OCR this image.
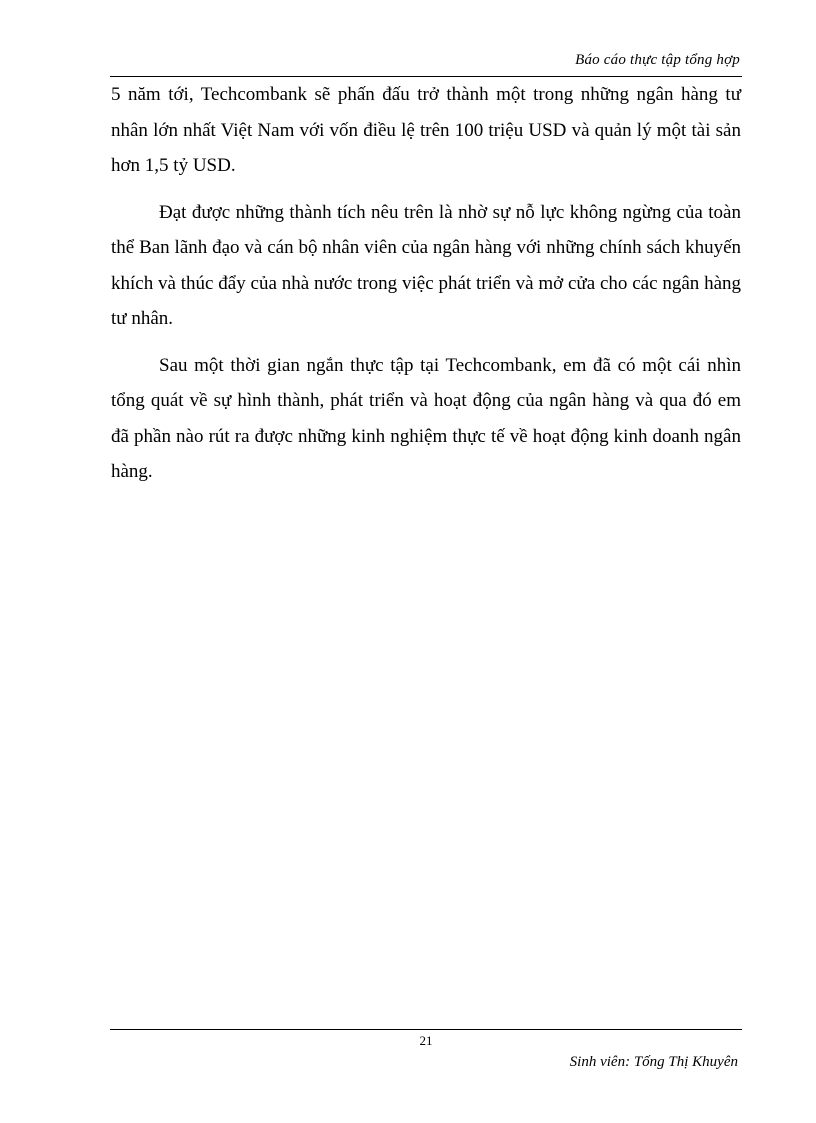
Báo cáo thực tập tổng hợp

5 năm tới, Techcombank sẽ phấn đấu trở thành một trong những ngân hàng tư nhân lớn nhất Việt Nam với vốn điều lệ trên 100 triệu USD và quản lý một tài sản hơn 1,5 tỷ USD.

Đạt được những thành tích nêu trên là nhờ sự nỗ lực không ngừng của toàn thể Ban lãnh đạo và cán bộ nhân viên của ngân hàng với những chính sách khuyến khích và thúc đẩy của nhà nước trong việc phát triển và mở cửa cho các ngân hàng tư nhân.

Sau một thời gian ngắn thực tập tại Techcombank, em đã có một cái nhìn tổng quát về sự hình thành, phát triển và hoạt động của ngân hàng và qua đó em đã phần nào rút ra được những kinh nghiệm thực tế về hoạt động kinh doanh ngân hàng.

21
Sinh viên: Tống Thị Khuyên
